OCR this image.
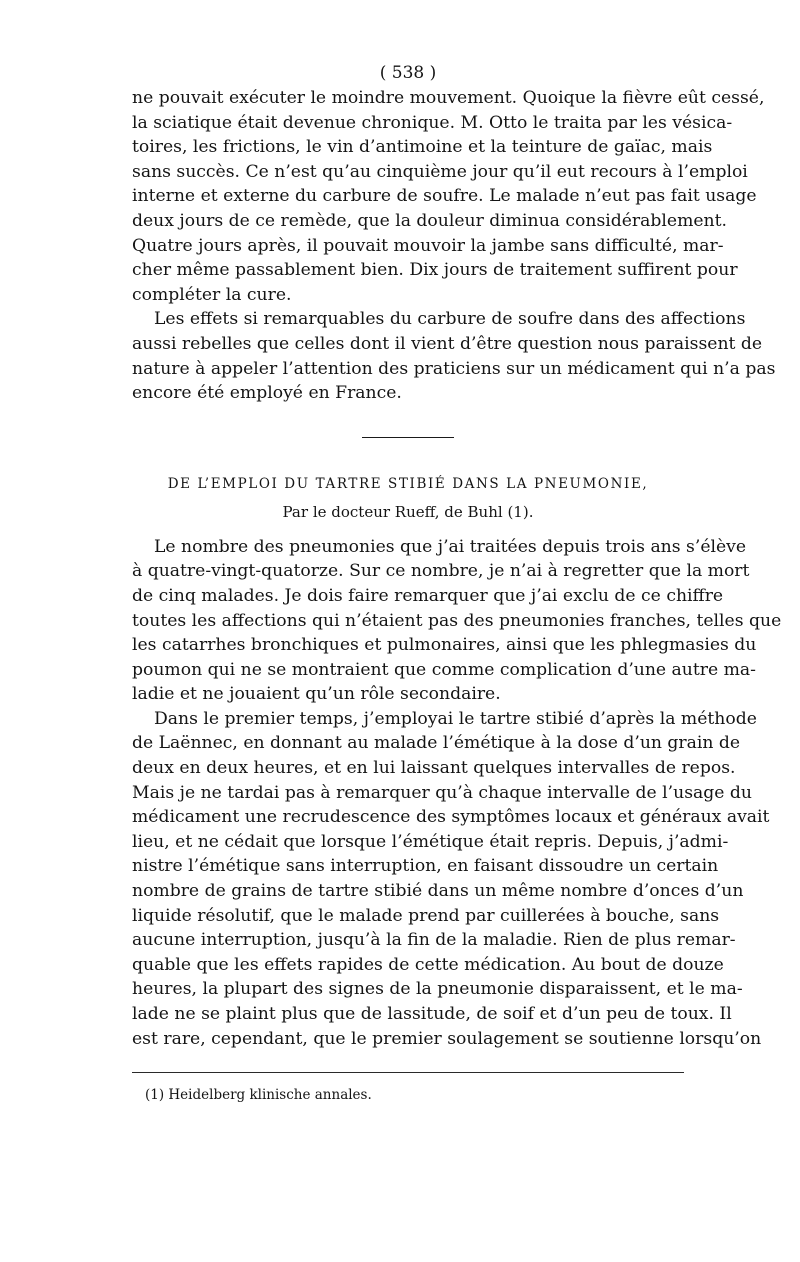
( 538 )
ne pouvait exécuter le moindre mouvement. Quoique la fièvre eût cessé,
la sciatique était devenue chronique. M. Otto le traita par les vésica-
toires, les frictions, le vin d’antimoine et la teinture de gaïac, mais
sans succès. Ce n’est qu’au cinquième jour qu’il eut recours à l’emploi
interne et externe du carbure de soufre. Le malade n’eut pas fait usage
deux jours de ce remède, que la douleur diminua considérablement.
Quatre jours après, il pouvait mouvoir la jambe sans difficulté, mar-
cher même passablement bien. Dix jours de traitement suffirent pour
compléter la cure.
Les effets si remarquables du carbure de soufre dans des affections
aussi rebelles que celles dont il vient d’être question nous paraissent de
nature à appeler l’attention des praticiens sur un médicament qui n’a pas
encore été employé en France.
DE L’EMPLOI DU TARTRE STIBIÉ DANS LA PNEUMONIE,
Par le docteur Rueff, de Buhl (1).
Le nombre des pneumonies que j’ai traitées depuis trois ans s’élève
à quatre-vingt-quatorze. Sur ce nombre, je n’ai à regretter que la mort
de cinq malades. Je dois faire remarquer que j’ai exclu de ce chiffre
toutes les affections qui n’étaient pas des pneumonies franches, telles que
les catarrhes bronchiques et pulmonaires, ainsi que les phlegmasies du
poumon qui ne se montraient que comme complication d’une autre ma-
ladie et ne jouaient qu’un rôle secondaire.
Dans le premier temps, j’employai le tartre stibié d’après la méthode
de Laënnec, en donnant au malade l’émétique à la dose d’un grain de
deux en deux heures, et en lui laissant quelques intervalles de repos.
Mais je ne tardai pas à remarquer qu’à chaque intervalle de l’usage du
médicament une recrudescence des symptômes locaux et généraux avait
lieu, et ne cédait que lorsque l’émétique était repris. Depuis, j’admi-
nistre l’émétique sans interruption, en faisant dissoudre un certain
nombre de grains de tartre stibié dans un même nombre d’onces d’un
liquide résolutif, que le malade prend par cuillerées à bouche, sans
aucune interruption, jusqu’à la fin de la maladie. Rien de plus remar-
quable que les effets rapides de cette médication. Au bout de douze
heures, la plupart des signes de la pneumonie disparaissent, et le ma-
lade ne se plaint plus que de lassitude, de soif et d’un peu de toux. Il
est rare, cependant, que le premier soulagement se soutienne lorsqu’on
(1) Heidelberg klinische annales.
